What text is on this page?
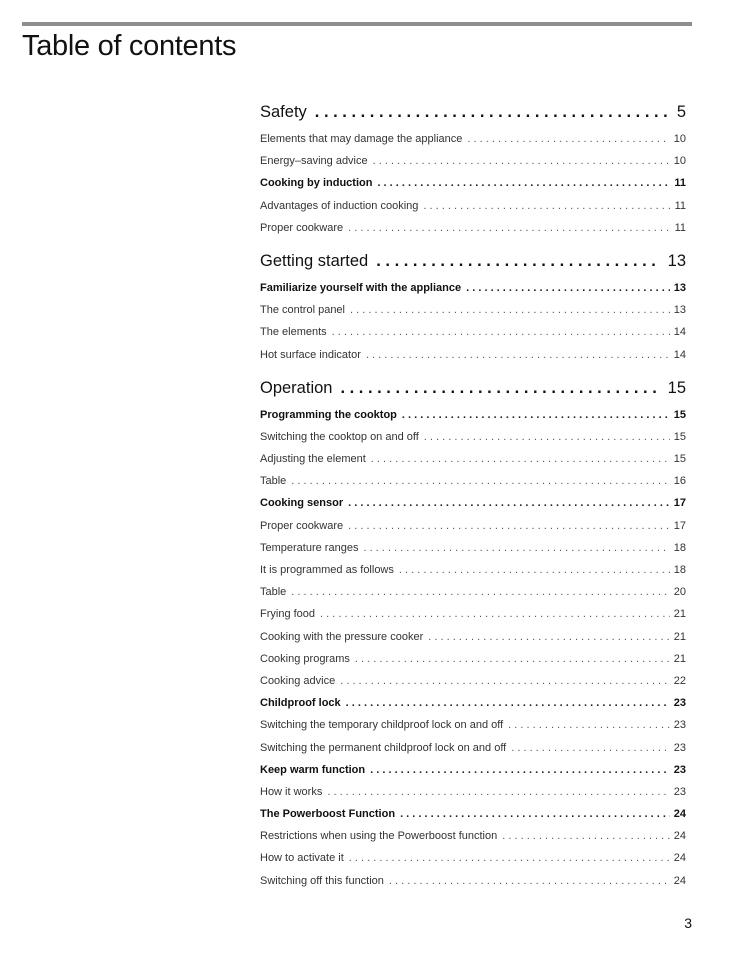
Table of contents
Safety . . .	5
Elements that may damage the appliance . . .	10
Energy–saving advice . . .	10
Cooking by induction . . .	11
Advantages of induction cooking . . .	11
Proper cookware . . .	11
Getting started . . .	13
Familiarize yourself with the appliance . . .	13
The control panel . . .	13
The elements . . .	14
Hot surface indicator . . .	14
Operation . . .	15
Programming the cooktop . . .	15
Switching the cooktop on and off . . .	15
Adjusting the element . . .	15
Table . . .	16
Cooking sensor . . .	17
Proper cookware . . .	17
Temperature ranges . . .	18
It is programmed as follows . . .	18
Table . . .	20
Frying food . . .	21
Cooking with the pressure cooker . . .	21
Cooking programs . . .	21
Cooking advice . . .	22
Childproof lock . . .	23
Switching the temporary childproof lock on and off . . .	23
Switching the permanent childproof lock on and off . . .	23
Keep warm function . . .	23
How it works . . .	23
The Powerboost Function . . .	24
Restrictions when using the Powerboost function . . .	24
How to activate it . . .	24
Switching off this function . . .	24
3
